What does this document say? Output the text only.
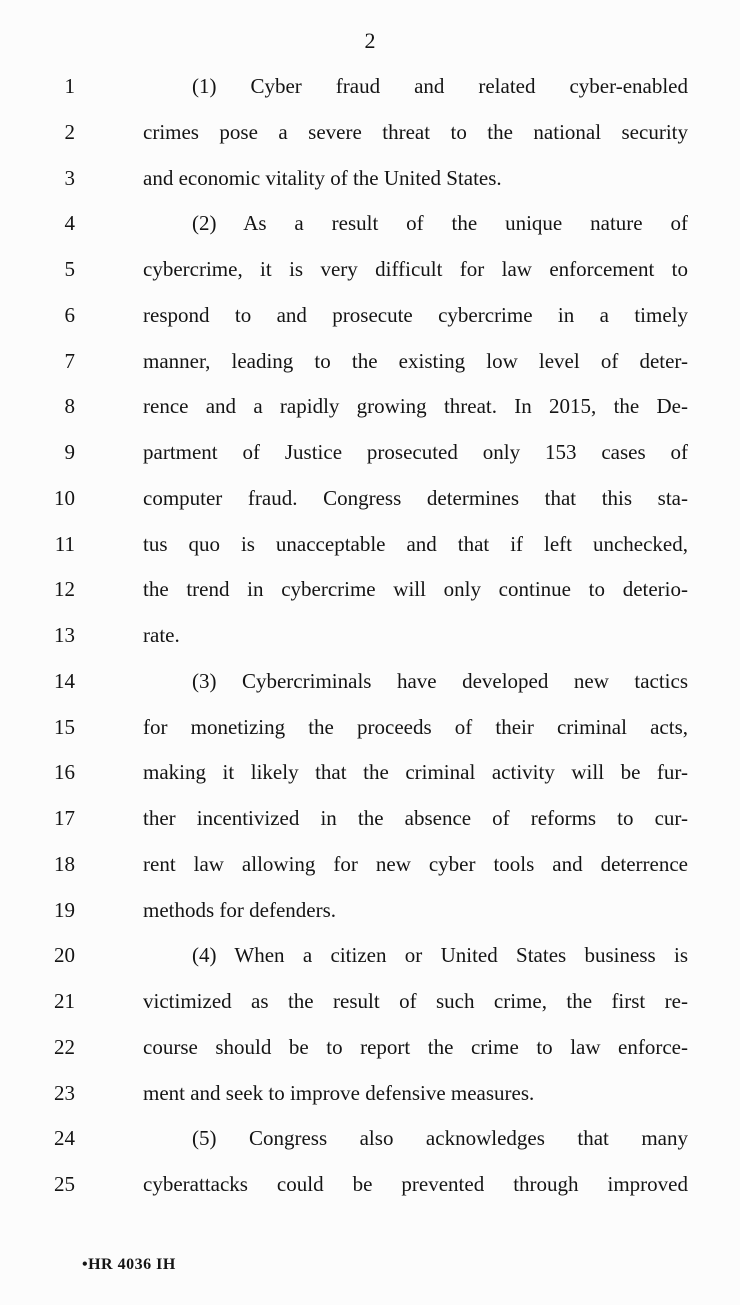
2
1	(1) Cyber fraud and related cyber-enabled
2	crimes pose a severe threat to the national security
3	and economic vitality of the United States.
4	(2) As a result of the unique nature of
5	cybercrime, it is very difficult for law enforcement to
6	respond to and prosecute cybercrime in a timely
7	manner, leading to the existing low level of deter-
8	rence and a rapidly growing threat. In 2015, the De-
9	partment of Justice prosecuted only 153 cases of
10	computer fraud. Congress determines that this sta-
11	tus quo is unacceptable and that if left unchecked,
12	the trend in cybercrime will only continue to deterio-
13	rate.
14	(3) Cybercriminals have developed new tactics
15	for monetizing the proceeds of their criminal acts,
16	making it likely that the criminal activity will be fur-
17	ther incentivized in the absence of reforms to cur-
18	rent law allowing for new cyber tools and deterrence
19	methods for defenders.
20	(4) When a citizen or United States business is
21	victimized as the result of such crime, the first re-
22	course should be to report the crime to law enforce-
23	ment and seek to improve defensive measures.
24	(5) Congress also acknowledges that many
25	cyberattacks could be prevented through improved
•HR 4036 IH
